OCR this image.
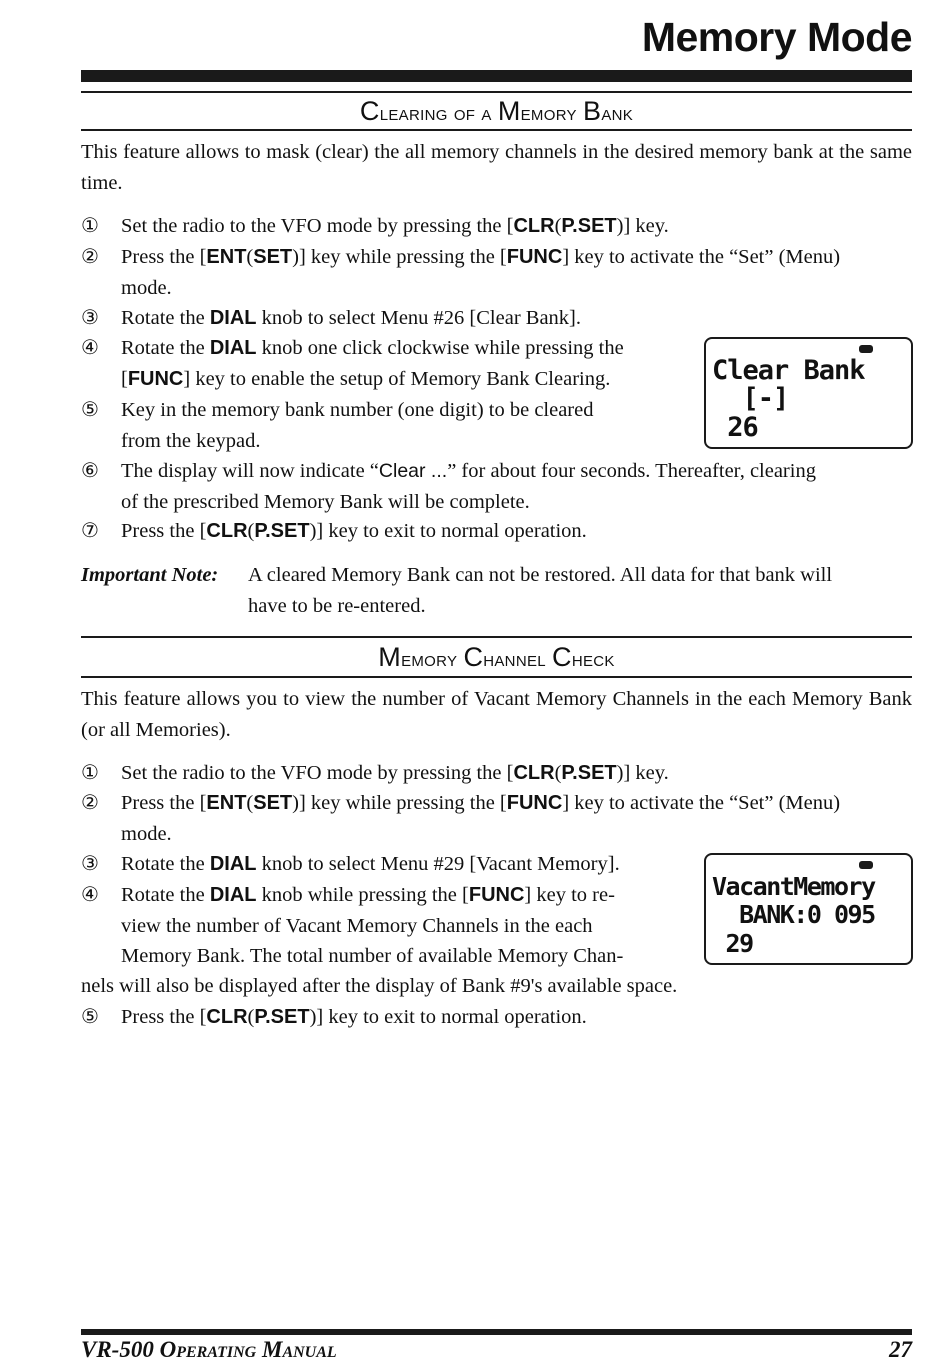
Memory Mode
Clearing of a Memory Bank
This feature allows to mask (clear) the all memory channels in the desired memory bank at the same time.
① Set the radio to the VFO mode by pressing the [CLR(P.SET)] key.
② Press the [ENT(SET)] key while pressing the [FUNC] key to activate the “Set” (Menu)
mode.
③ Rotate the DIAL knob to select Menu #26 [Clear Bank].
④ Rotate the DIAL knob one click clockwise while pressing the
[FUNC] key to enable the setup of Memory Bank Clearing.
⑤ Key in the memory bank number (one digit) to be cleared
from the keypad.
⑥ The display will now indicate “Clear ...” for about four seconds. Thereafter, clearing
of the prescribed Memory Bank will be complete.
⑦ Press the [CLR(P.SET)] key to exit to normal operation.
Important Note: A cleared Memory Bank can not be restored. All data for that bank will
have to be re-entered.
Clear Bank
[-]
26
Memory Channel Check
This feature allows you to view the number of Vacant Memory Channels in the each Memory Bank (or all Memories).
① Set the radio to the VFO mode by pressing the [CLR(P.SET)] key.
② Press the [ENT(SET)] key while pressing the [FUNC] key to activate the “Set” (Menu)
mode.
③ Rotate the DIAL knob to select Menu #29 [Vacant Memory].
④ Rotate the DIAL knob while pressing the [FUNC] key to re-
view the number of Vacant Memory Channels in the each
Memory Bank. The total number of available Memory Chan-
nels will also be displayed after the display of Bank #9's available space.
⑤ Press the [CLR(P.SET)] key to exit to normal operation.
VacantMemory
BANK:0 095
29
VR-500 Operating Manual	27
